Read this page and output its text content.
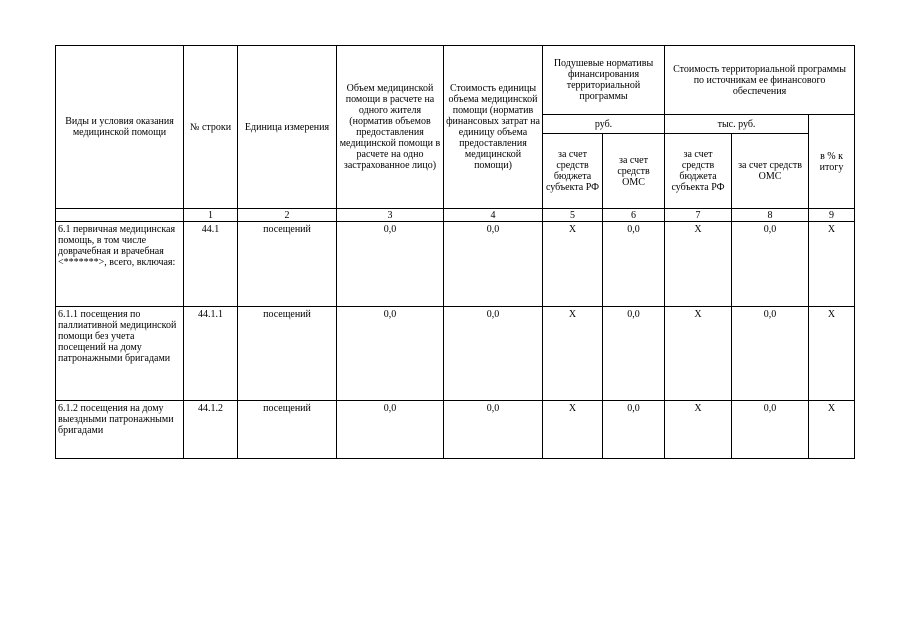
Виды и условия оказания медицинской помощи	№ строки	Единица измерения	Объем медицинской помощи в расчете на одного жителя (норматив объемов предоставления медицинской помощи в расчете на одно застрахованное лицо)	Стоимость единицы объема медицинской помощи (норматив финансовых затрат на единицу объема предоставления медицинской помощи)	Подушевые нормативы финансирования территориальной программы		Стоимость территориальной программы по источникам ее финансового обеспечения		
					руб.		тыс. руб.		в % к итогу
					за счет средств бюджета субъекта РФ	за счет средств ОМС	за счет средств бюджета субъекта РФ	за счет средств ОМС	
	1	2	3	4	5	6	7	8	9
6.1 первичная медицинская помощь, в том числе доврачебная и врачебная <*******>, всего, включая:	44.1	посещений	0,0	0,0	X	0,0	X	0,0	X
6.1.1 посещения по паллиативной медицинской помощи без учета посещений на дому патронажными бригадами	44.1.1	посещений	0,0	0,0	X	0,0	X	0,0	X
6.1.2 посещения на дому выездными патронажными бригадами	44.1.2	посещений	0,0	0,0	X	0,0	X	0,0	X
